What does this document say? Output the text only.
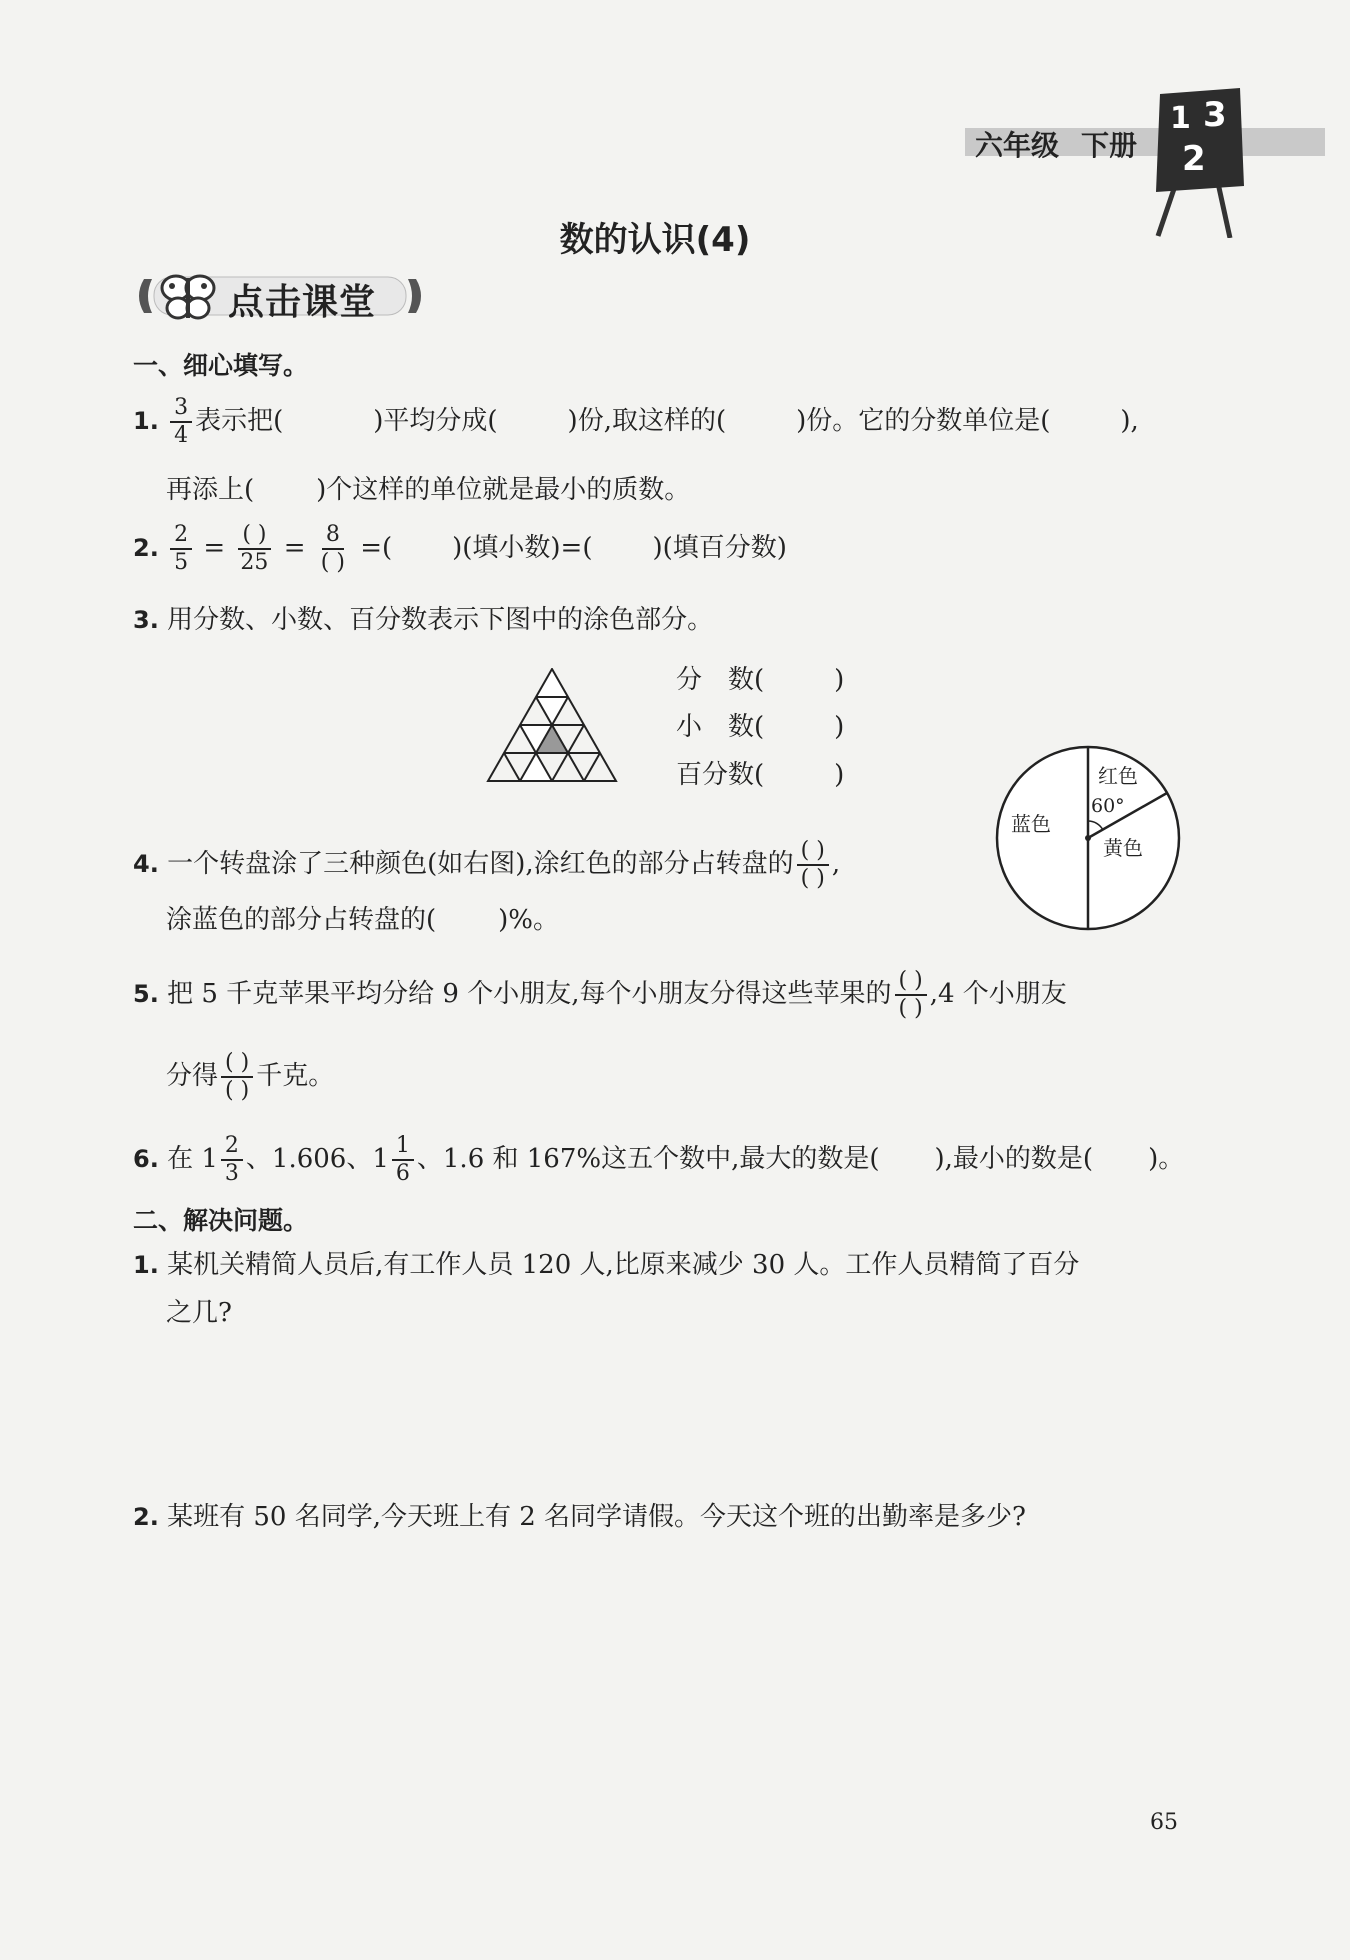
六年级 下册
1 3
2
数的认识(4)
点击课堂
一、细心填写。
1. $\frac{3}{4}$ 表示把(	)平均分成(	)份,取这样的(	)份。它的分数单位是(	),
再添上( )个这样的单位就是最小的质数。
2. $\frac{2}{5} = \frac{( )}{25} = \frac{8}{( )}$ =( )(填小数)=( )(填百分数)
3. 用分数、小数、百分数表示下图中的涂色部分。
分　数(	)
小　数(	)
百分数(	)	红色
60°
蓝色
黄色
4. 一个转盘涂了三种颜色(如右图),涂红色的部分占转盘的 $\frac{( )}{( )}$ ,
涂蓝色的部分占转盘的( )%。
5. 把 5 千克苹果平均分给 9 个小朋友,每个小朋友分得这些苹果的 $\frac{( )}{( )} ,4$ 个小朋友
分得 $\frac{( )}{( )}$ 千克。
6. 在 $1 \frac{2}{3}$ 、1.606、$1 \frac{1}{6}$ 、1.6 和 167%这五个数中,最大的数是( ),最小的数是( )。
二、解决问题。
1. 某机关精简人员后,有工作人员 120 人,比原来减少 30 人。工作人员精简了百分
之几?
2. 某班有 50 名同学,今天班上有 2 名同学请假。今天这个班的出勤率是多少?
65
